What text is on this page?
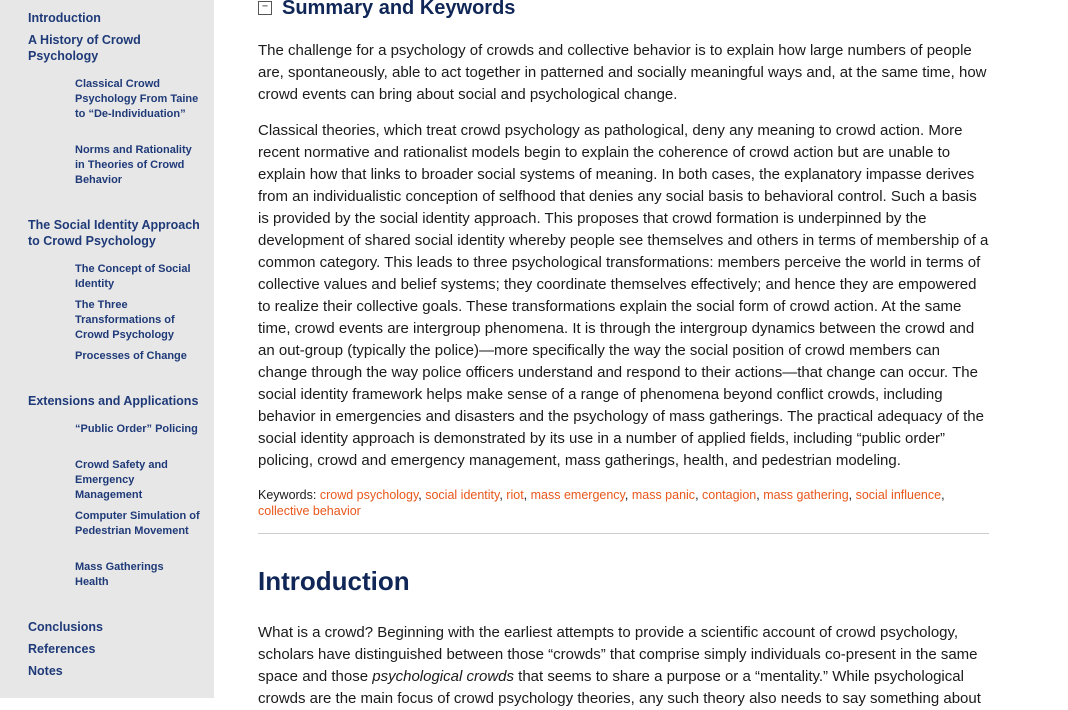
Introduction
A History of Crowd Psychology
Classical Crowd Psychology From Taine to “De-Individuation”
Norms and Rationality in Theories of Crowd Behavior
The Social Identity Approach to Crowd Psychology
The Concept of Social Identity
The Three Transformations of Crowd Psychology
Processes of Change
Extensions and Applications
“Public Order” Policing
Crowd Safety and Emergency Management
Computer Simulation of Pedestrian Movement
Mass Gatherings Health
Conclusions
References
Notes
− Summary and Keywords

The challenge for a psychology of crowds and collective behavior is to explain how large numbers of people are, spontaneously, able to act together in patterned and socially meaningful ways and, at the same time, how crowd events can bring about social and psychological change.

Classical theories, which treat crowd psychology as pathological, deny any meaning to crowd action. More recent normative and rationalist models begin to explain the coherence of crowd action but are unable to explain how that links to broader social systems of meaning. In both cases, the explanatory impasse derives from an individualistic conception of selfhood that denies any social basis to behavioral control. Such a basis is provided by the social identity approach. This proposes that crowd formation is underpinned by the development of shared social identity whereby people see themselves and others in terms of membership of a common category. This leads to three psychological transformations: members perceive the world in terms of collective values and belief systems; they coordinate themselves effectively; and hence they are empowered to realize their collective goals. These transformations explain the social form of crowd action. At the same time, crowd events are intergroup phenomena. It is through the intergroup dynamics between the crowd and an out-group (typically the police)—more specifically the way the social position of crowd members can change through the way police officers understand and respond to their actions—that change can occur. The social identity framework helps make sense of a range of phenomena beyond conflict crowds, including behavior in emergencies and disasters and the psychology of mass gatherings. The practical adequacy of the social identity approach is demonstrated by its use in a number of applied fields, including “public order” policing, crowd and emergency management, mass gatherings, health, and pedestrian modeling.

Keywords: crowd psychology, social identity, riot, mass emergency, mass panic, contagion, mass gathering, social influence, collective behavior
Introduction

What is a crowd? Beginning with the earliest attempts to provide a scientific account of crowd psychology, scholars have distinguished between those “crowds” that comprise simply individuals co-present in the same space and those psychological crowds that seems to share a purpose or a “mentality.” While psychological crowds are the main focus of crowd psychology theories, any such theory also needs to say something about
